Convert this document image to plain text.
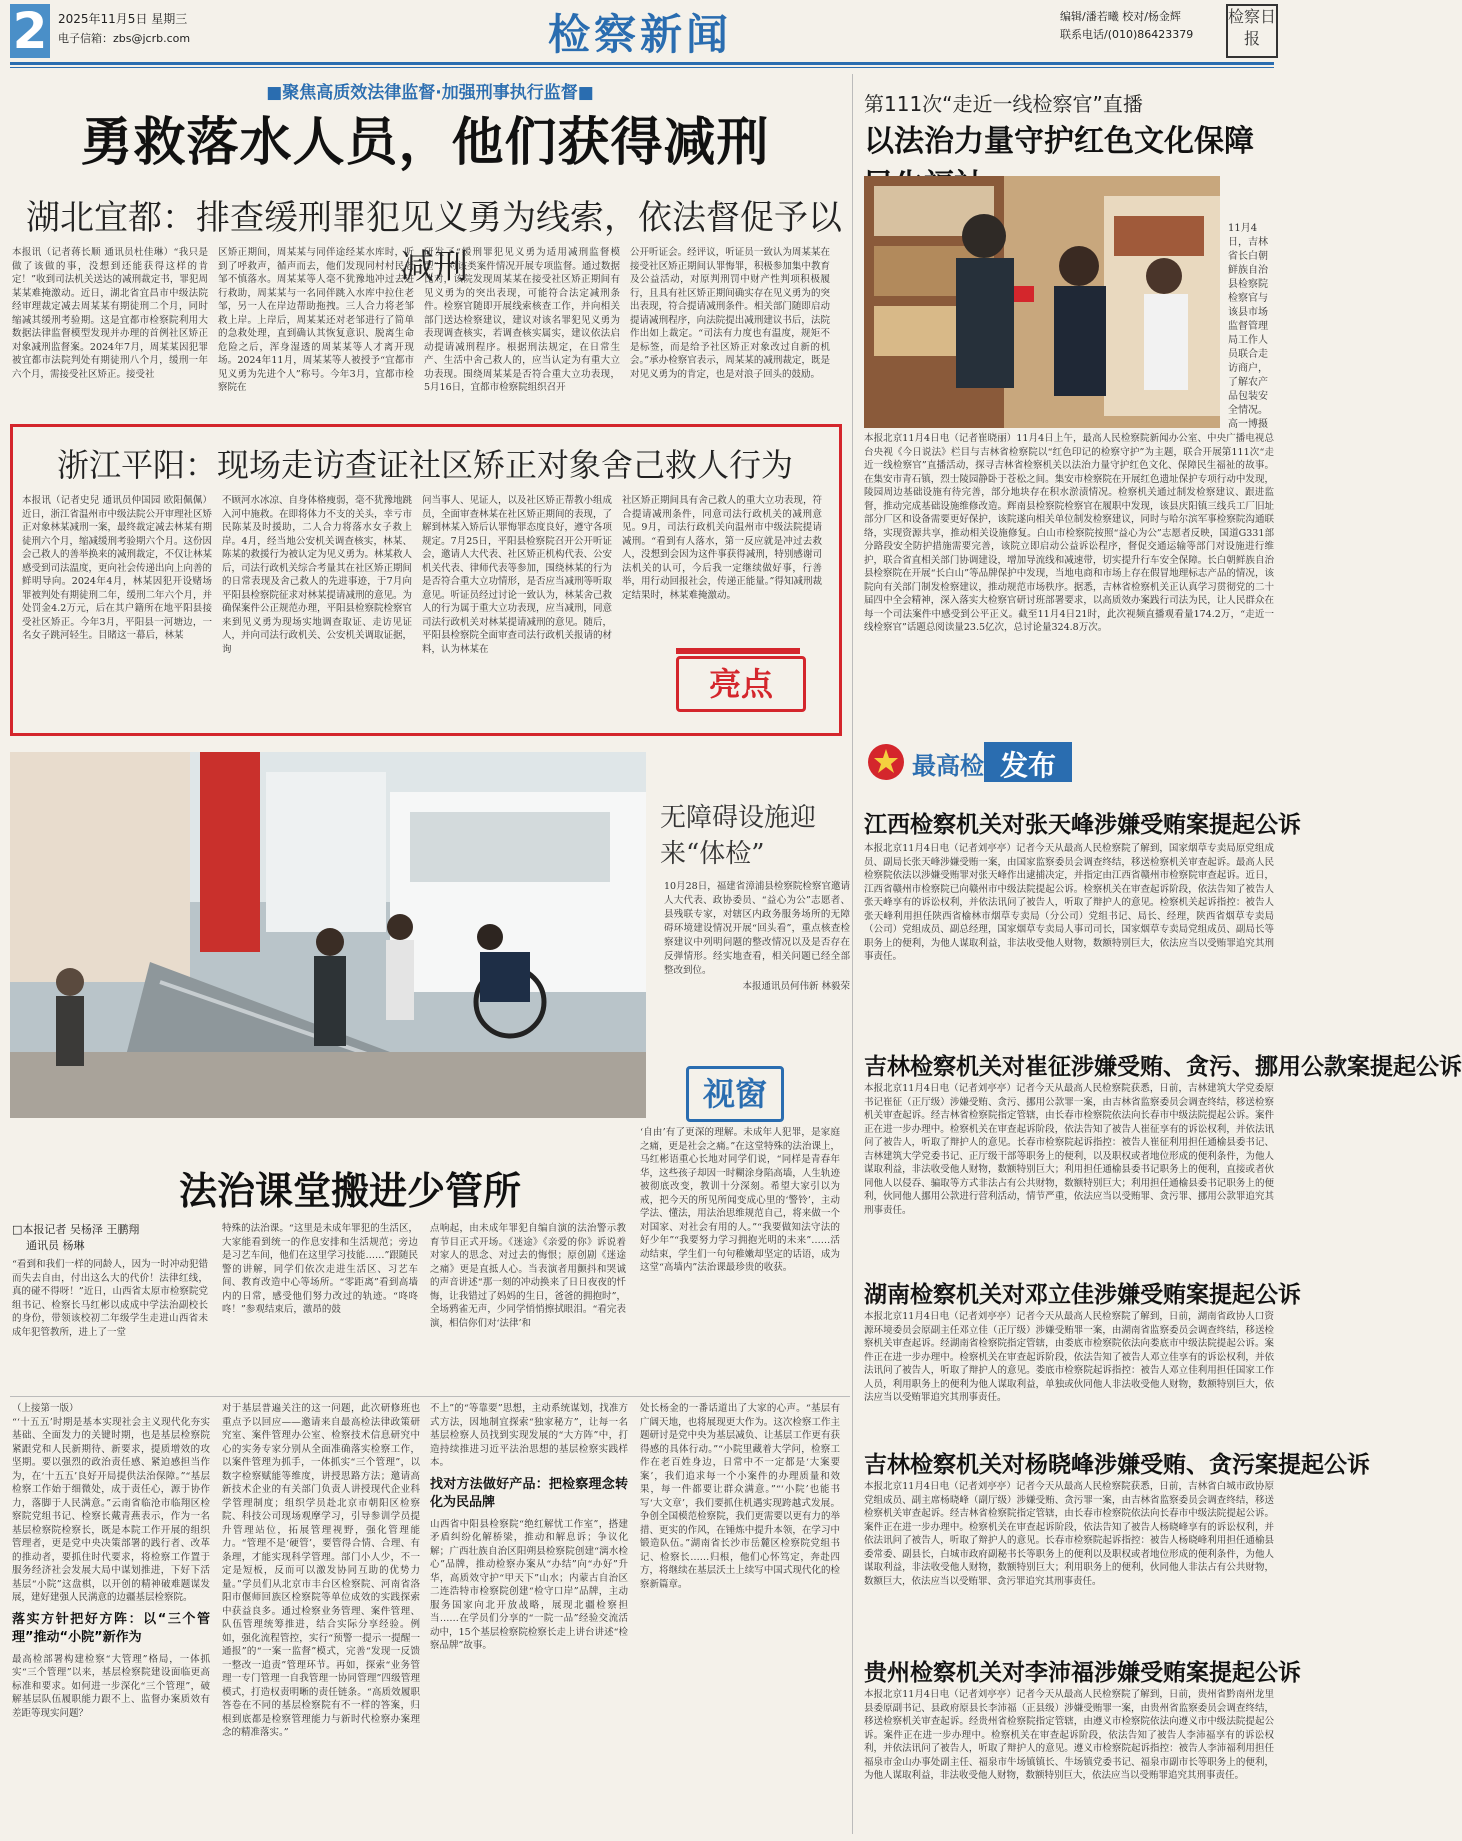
2 2025年11月5日 星期三
电子信箱：zbs@jcrb.com	检察新闻	编辑/潘若曦 校对/杨金辉
联系电话/(010)86423379
检察日报
■聚焦高质效法律监督·加强刑事执行监督■
勇救落水人员，他们获得减刑
湖北宜都：排查缓刑罪犯见义勇为线索，依法督促予以减刑
本报讯（记者蒋长顺 通讯员杜佳琳）“我只是做了该做的事，没想到还能获得这样的肯定！”收到司法机关送达的减刑裁定书，罪犯周某某难掩激动。近日，湖北省宜昌市中级法院经审理裁定减去周某某有期徒刑二个月，同时缩减其缓刑考验期。这是宜都市检察院利用大数据法律监督模型发现并办理的首例社区矫正对象减刑监督案。2024年7月，周某某因犯罪被宜都市法院判处有期徒刑八个月，缓刑一年六个月，需接受社区矫正。接受社
区矫正期间，周某某与同伴途经某水库时，听到了呼救声，循声而去，他们发现同村村民老邹不慎落水。周某某等人毫不犹豫地冲过去进行救助，周某某与一名同伴跳入水库中拉住老邹，另一人在岸边帮助拖拽。三人合力将老邹救上岸。上岸后，周某某还对老邹进行了简单的急救处理，直到确认其恢复意识、脱离生命危险之后，浑身湿透的周某某等人才离开现场。2024年11月，周某某等人被授予“宜都市见义勇为先进个人”称号。今年3月，宜都市检察院在
研发了“缓刑罪犯见义勇为适用减刑监督模型”，对该类案件情况开展专项监督。通过数据比对，该院发现周某某在接受社区矫正期间有见义勇为的突出表现，可能符合法定减刑条件。检察官随即开展线索核查工作，并向相关部门送达检察建议，建议对该名罪犯见义勇为表现调查核实，若调查核实属实，建议依法启动提请减刑程序。根据刑法规定，在日常生产、生活中舍己救人的，应当认定为有重大立功表现。围绕周某某是否符合重大立功表现，5月16日，宜都市检察院组织召开
公开听证会。经评议，听证员一致认为周某某在接受社区矫正期间认罪悔罪，积极参加集中教育及公益活动，对原判刑罚中财产性判项积极履行，且具有社区矫正期间确实存在见义勇为的突出表现，符合提请减刑条件。相关部门随即启动提请减刑程序，向法院提出减刑建议书后，法院作出如上裁定。“司法有力度也有温度，规矩不是标签，而是给予社区矫正对象改过自新的机会。”承办检察官表示，周某某的减刑裁定，既是对见义勇为的肯定，也是对浪子回头的鼓励。
浙江平阳：现场走访查证社区矫正对象舍己救人行为
本报讯（记者史兒 通讯员仲国园 欧阳佩佩）近日，浙江省温州市中级法院公开审理社区矫正对象林某减刑一案，最终裁定减去林某有期徒刑六个月，缩减缓刑考验期六个月。这份因会己救人的善举换来的减刑裁定，不仅让林某感受到司法温度，更向社会传递出向上向善的鲜明导向。2024年4月，林某因犯开设赌场罪被判处有期徒刑二年，缓刑二年六个月，并处罚金4.2万元，后在其户籍所在地平阳县接受社区矫正。今年3月，平阳县一河塘边，一名女子跳河轻生。目睹这一幕后，林某
不顾河水冰凉、自身体格瘦弱，毫不犹豫地跳入河中施救。在即将体力不支的关头，幸亏市民陈某及时援助，二人合力将落水女子救上岸。4月，经当地公安机关调查核实，林某、陈某的救援行为被认定为见义勇为。林某救人后，司法行政机关综合考量其在社区矫正期间的日常表现及舍己救人的先进事迹，于7月向平阳县检察院征求对林某提请减刑的意见。为确保案件公正规范办理，平阳县检察院检察官来到见义勇为现场实地调查取证、走访见证人，并向司法行政机关、公安机关调取证据，询
问当事人、见证人，以及社区矫正帮教小组成员，全面审查林某在社区矫正期间的表现，了解到林某入矫后认罪悔罪态度良好，遵守各项规定。7月25日，平阳县检察院召开公开听证会，邀请人大代表、社区矫正机构代表、公安机关代表、律师代表等参加，围绕林某的行为是否符合重大立功情形，是否应当减刑等听取意见。听证员经过讨论一致认为，林某舍己救人的行为属于重大立功表现，应当减刑，同意司法行政机关对林某提请减刑的意见。随后，平阳县检察院全面审查司法行政机关报请的材料，认为林某在
社区矫正期间具有舍己救人的重大立功表现，符合提请减刑条件，同意司法行政机关的减刑意见。9月，司法行政机关向温州市中级法院提请减刑。“看到有人落水，第一反应就是冲过去救人，没想到会因为这件事获得减刑，特别感谢司法机关的认可，今后我一定继续做好事，行善举，用行动回报社会，传递正能量。”得知减刑裁定结果时，林某难掩激动。
亮点
无障碍设施迎来“体检”
10月28日，福建省漳浦县检察院检察官邀请人大代表、政协委员、“益心为公”志愿者、县残联专家，对辖区内政务服务场所的无障碍环境建设情况开展“回头看”，重点核查检察建议中列明问题的整改情况以及是否存在反弹情形。经实地查看，相关问题已经全部整改到位。
本报通讯员何伟新 林毅荣
视窗
法治课堂搬进少管所
□本报记者 吴杨泽 王鹏翔
通讯员 杨琳
“看到和我们一样的同龄人，因为一时冲动犯错而失去自由，付出这么大的代价！法律红线，真的碰不得呀！”近日，山西省太原市检察院党组书记、检察长马红彬以成成中学法治副校长的身份，带领该校初二年级学生走进山西省未成年犯管教所，进上了一堂
特殊的法治课。“这里是未成年罪犯的生活区，大家能看到统一的作息安排和生活规范；旁边是习艺车间，他们在这里学习技能……”跟随民警的讲解，同学们依次走进生活区、习艺车间、教育改造中心等场所。“零距离”看到高墙内的日常，感受他们努力改过的轨迹。“咚咚咚！”参观结束后，激昂的鼓
点响起，由未成年罪犯自编自演的法治警示教育节目正式开场。《迷途》《亲爱的你》诉说着对家人的思念、对过去的悔恨；原创剧《迷途之痛》更是直抵人心。当表演者用颤抖和哭诚的声音讲述“那一刻的冲动换来了日日夜夜的忏悔，让我错过了妈妈的生日，爸爸的拥抱时”，全场鸦雀无声，少同学悄悄擦拭眼泪。“看完表演，相信你们对‘法律’和
‘自由’有了更深的理解。未成年人犯罪，是家庭之痛，更是社会之痛。”在这堂特殊的法治课上，马红彬语重心长地对同学们说，“同样是青春年华，这些孩子却因一时糊涂身陷高墙，人生轨迹被彻底改变，教训十分深刻。希望大家引以为戒，把今天的所见所闻变成心里的‘警铃’，主动学法、懂法，用法治思维规范自己，将来做一个对国家、对社会有用的人。”“我要做知法守法的好少年”“我要努力学习拥抱光明的未来”……活动结束，学生们一句句稚嫩却坚定的话语，成为这堂“高墙内”法治课最珍贵的收获。
（上接第一版）
“‘十五五’时期是基本实现社会主义现代化夯实基础、全面发力的关键时期，也是基层检察院紧跟党和人民新期待、新要求，提质增效的攻坚期。要以强烈的政治责任感、紧迫感担当作为，在‘十五五’良好开局提供法治保障。”“基层检察工作始于细微处，成于责任心，源于协作力，落脚于人民满意。”云南省临沧市临翔区检察院党组书记、检察长戴青燕表示，作为一名基层检察院检察长，既是本院工作开展的组织管理者，更是党中央决策部署的践行者、改革的推动者，要抓住时代要求，将检察工作置于服务经济社会发展大局中谋划推进，下好下活基层“小院”这盘棋，以开创的精神破难题谋发展，建好建强人民满意的边疆基层检察院。
落实方针把好方阵：以“三个管理”推动“小院”新作为
最高检部署构建检察“大管理”格局，一体抓实“三个管理”以来，基层检察院建设面临更高标准和要求。如何进一步深化“三个管理”，破解基层队伍履职能力跟不上、监督办案质效有差距等现实问题？
对于基层普遍关注的这一问题，此次研修班也重点予以回应——邀请来自最高检法律政策研究室、案件管理办公室、检察技术信息研究中心的实务专家分别从全面准确落实检察工作，以案件管理为抓手，一体抓实“三个管理”，以数字检察赋能等维度，讲授思路方法；邀请高新技术企业的有关部门负责人讲授现代企业科学管理制度；组织学员赴北京市朝阳区检察院、科技公司现场观摩学习，引导参训学员提升管理站位，拓展管理视野，强化管理能力。“管理不是‘硬管’，要管得合情、合理、有条理，才能实现科学管理。部门小人少，不一定是短板，反而可以激发协同互助的优势力量。”学员们从北京市丰台区检察院、河南省洛阳市偃师回族区检察院等单位成效的实践探索中获益良多。通过检察业务管理、案件管理、队伍管理统筹推进，结合实际分享经验。例如，强化流程管控，实行“预警一提示一提醒一通报”的“一案一监督”模式，完善“发现一反馈一整改一追责”管理环节。再如，探索“业务管理一专门管理一自我管理一协同管理”四级管理模式，打造权责明晰的责任链条。“高质效履职答卷在不同的基层检察院有不一样的答案，归根到底都是检察管理能力与新时代检察办案理念的精准落实。”
不上”的“等靠要”思想，主动系统谋划，找准方式方法，因地制宜探索“独家秘方”，让每一名基层检察人员找到实现发展的“大方阵”中，打造持续推进习近平法治思想的基层检察实践样本。
找对方法做好产品：把检察理念转化为民品牌
山西省中阳县检察院“绝红解忧工作室”，搭建矛盾纠纷化解桥梁，推动和解息诉；争议化解；广西壮族自治区阳朔县检察院创建“漓水检心”品牌，推动检察办案从“办结”向“办好”升华，高质效守护“甲天下”山水；内蒙古自治区二连浩特市检察院创建“检守口岸”品牌，主动服务国家向北开放战略，展现北疆检察担当……在学员们分享的“一院一品”经验交流活动中，15个基层检察院检察长走上讲台讲述“检察品牌”故事。
处长杨金的一番话道出了大家的心声。“基层有广阔天地，也将展现更大作为。这次检察工作主题研讨是党中央为基层减负、让基层工作更有获得感的具体行动。”“小院里藏着大学问，检察工作在老百姓身边，日常中不一定都是‘大案要案’，我们追求每一个小案件的办理质量和效果，每一件都要让群众满意。”“‘小院’也能书写‘大文章’，我们要抓住机遇实现跨越式发展。争创全国模范检察院，我们更需要以更有力的举措、更实的作风，在锤炼中提升本领，在学习中锻造队伍。”湖南省长沙市岳麓区检察院党组书记、检察长……归根，他们心怀笃定，奔赴四方，将继续在基层沃土上续写中国式现代化的检察新篇章。
第111次“走近一线检察官”直播
以法治力量守护红色文化保障
11月4日，吉林省长白朝鲜族自治县检察院检察官与该县市场监督管理局工作人员联合走访商户，了解农产品包装安全情况。高一博摄
本报北京11月4日电（记者崔晓丽）11月4日上午，最高人民检察院新闻办公室、中央广播电视总台央视《今日说法》栏目与吉林省检察院以“红色印记的检察守护”为主题，联合开展第111次“走近一线检察官”直播活动，探寻吉林省检察机关以法治力量守护红色文化、保障民生福祉的故事。在集安市青石镇，烈士陵园静卧于苍松之间。集安市检察院在开展红色遗址保护专项行动中发现，陵园周边基础设施有待完善，部分地块存在积水淤渍情况。检察机关通过制发检察建议、跟进监督，推动完成基础设施维修改造。辉南县检察院检察官在履职中发现，该县庆阳镇三线兵工厂旧址部分厂区和设备需要更好保护，该院遂向相关单位制发检察建议，同时与哈尔滨军事检察院沟通联络，实现资源共享，推动相关设施修复。白山市检察院按照“益心为公”志愿者反映，国道G331部分路段安全防护措施需要完善，该院立即启动公益诉讼程序，督促交通运输等部门对设施进行维护，联合省直相关部门协调建设，增加导流线和减速带，切实提升行车安全保障。长白朝鲜族自治县检察院在开展“长白山”等品牌保护中发现，当地电商和市场上存在假冒地理标志产品的情况，该院向有关部门制发检察建议，推动规范市场秩序。据悉，吉林省检察机关正认真学习贯彻党的二十届四中全会精神，深入落实大检察官研讨班部署要求，以高质效办案践行司法为民，让人民群众在每一个司法案件中感受到公平正义。截至11月4日21时，此次视频直播观看量174.2万，“走近一线检察官”话题总阅读量23.5亿次，总讨论量324.8万次。
最高检 发布
江西检察机关对张天峰涉嫌受贿案提起公诉
本报北京11月4日电（记者刘亭亭）记者今天从最高人民检察院了解到，国家烟草专卖局原党组成员、副局长张天峰涉嫌受贿一案，由国家监察委员会调查终结，移送检察机关审查起诉。最高人民检察院依法以涉嫌受贿罪对张天峰作出逮捕决定，并指定由江西省赣州市检察院审查起诉。近日，江西省赣州市检察院已向赣州市中级法院提起公诉。检察机关在审查起诉阶段，依法告知了被告人张天峰享有的诉讼权利，并依法讯问了被告人，听取了辩护人的意见。检察机关起诉指控：被告人张天峰利用担任陕西省榆林市烟草专卖局（分公司）党组书记、局长、经理，陕西省烟草专卖局（公司）党组成员、副总经理，国家烟草专卖局人事司司长，国家烟草专卖局党组成员、副局长等职务上的便利，为他人谋取利益，非法收受他人财物，数额特别巨大，依法应当以受贿罪追究其刑事责任。
吉林检察机关对崔征涉嫌受贿、贪污、挪用公款案提起公诉
本报北京11月4日电（记者刘亭亭）记者今天从最高人民检察院获悉，日前，吉林建筑大学党委原书记崔征（正厅级）涉嫌受贿、贪污、挪用公款罪一案，由吉林省监察委员会调查终结，移送检察机关审查起诉。经吉林省检察院指定管辖，由长春市检察院依法向长春市中级法院提起公诉。案件正在进一步办理中。检察机关在审查起诉阶段，依法告知了被告人崔征享有的诉讼权利，并依法讯问了被告人，听取了辩护人的意见。长春市检察院起诉指控：被告人崔征利用担任通榆县委书记、吉林建筑大学党委书记、正厅级干部等职务上的便利，以及职权或者地位形成的便利条件，为他人谋取利益，非法收受他人财物，数额特别巨大；利用担任通榆县委书记职务上的便利，直接或者伙同他人以侵吞、骗取等方式非法占有公共财物，数额特别巨大；利用担任通榆县委书记职务上的便利，伙同他人挪用公款进行营利活动，情节严重，依法应当以受贿罪、贪污罪、挪用公款罪追究其刑事责任。
湖南检察机关对邓立佳涉嫌受贿案提起公诉
本报北京11月4日电（记者刘亭亭）记者今天从最高人民检察院了解到，日前，湖南省政协人口资源环境委员会原副主任邓立佳（正厅级）涉嫌受贿罪一案，由湖南省监察委员会调查终结，移送检察机关审查起诉。经湖南省检察院指定管辖，由娄底市检察院依法向娄底市中级法院提起公诉。案件正在进一步办理中。检察机关在审查起诉阶段，依法告知了被告人邓立佳享有的诉讼权利，并依法讯问了被告人，听取了辩护人的意见。娄底市检察院起诉指控：被告人邓立佳利用担任国家工作人员，利用职务上的便利为他人谋取利益，单独或伙同他人非法收受他人财物，数额特别巨大，依法应当以受贿罪追究其刑事责任。
吉林检察机关对杨晓峰涉嫌受贿、贪污案提起公诉
本报北京11月4日电（记者刘亭亭）记者今天从最高人民检察院获悉，日前，吉林省白城市政协原党组成员、副主席杨晓峰（副厅级）涉嫌受贿、贪污罪一案，由吉林省监察委员会调查终结，移送检察机关审查起诉。经吉林省检察院指定管辖，由长春市检察院依法向长春市中级法院提起公诉。案件正在进一步办理中。检察机关在审查起诉阶段，依法告知了被告人杨晓峰享有的诉讼权利，并依法讯问了被告人，听取了辩护人的意见。长春市检察院起诉指控：被告人杨晓峰利用担任通榆县委常委、副县长，白城市政府副秘书长等职务上的便利以及职权或者地位形成的便利条件，为他人谋取利益，非法收受他人财物，数额特别巨大；利用职务上的便利，伙同他人非法占有公共财物，数额巨大，依法应当以受贿罪、贪污罪追究其刑事责任。
贵州检察机关对李沛福涉嫌受贿案提起公诉
本报北京11月4日电（记者刘亭亭）记者今天从最高人民检察院了解到，日前，贵州省黔南州龙里县委原副书记、县政府原县长李沛福（正县级）涉嫌受贿罪一案，由贵州省监察委员会调查终结，移送检察机关审查起诉。经贵州省检察院指定管辖，由遵义市检察院依法向遵义市中级法院提起公诉。案件正在进一步办理中。检察机关在审查起诉阶段，依法告知了被告人李沛福享有的诉讼权利，并依法讯问了被告人，听取了辩护人的意见。遵义市检察院起诉指控：被告人李沛福利用担任福泉市金山办事处副主任、福泉市牛场镇镇长、牛场镇党委书记、福泉市副市长等职务上的便利，为他人谋取利益，非法收受他人财物，数额特别巨大，依法应当以受贿罪追究其刑事责任。
